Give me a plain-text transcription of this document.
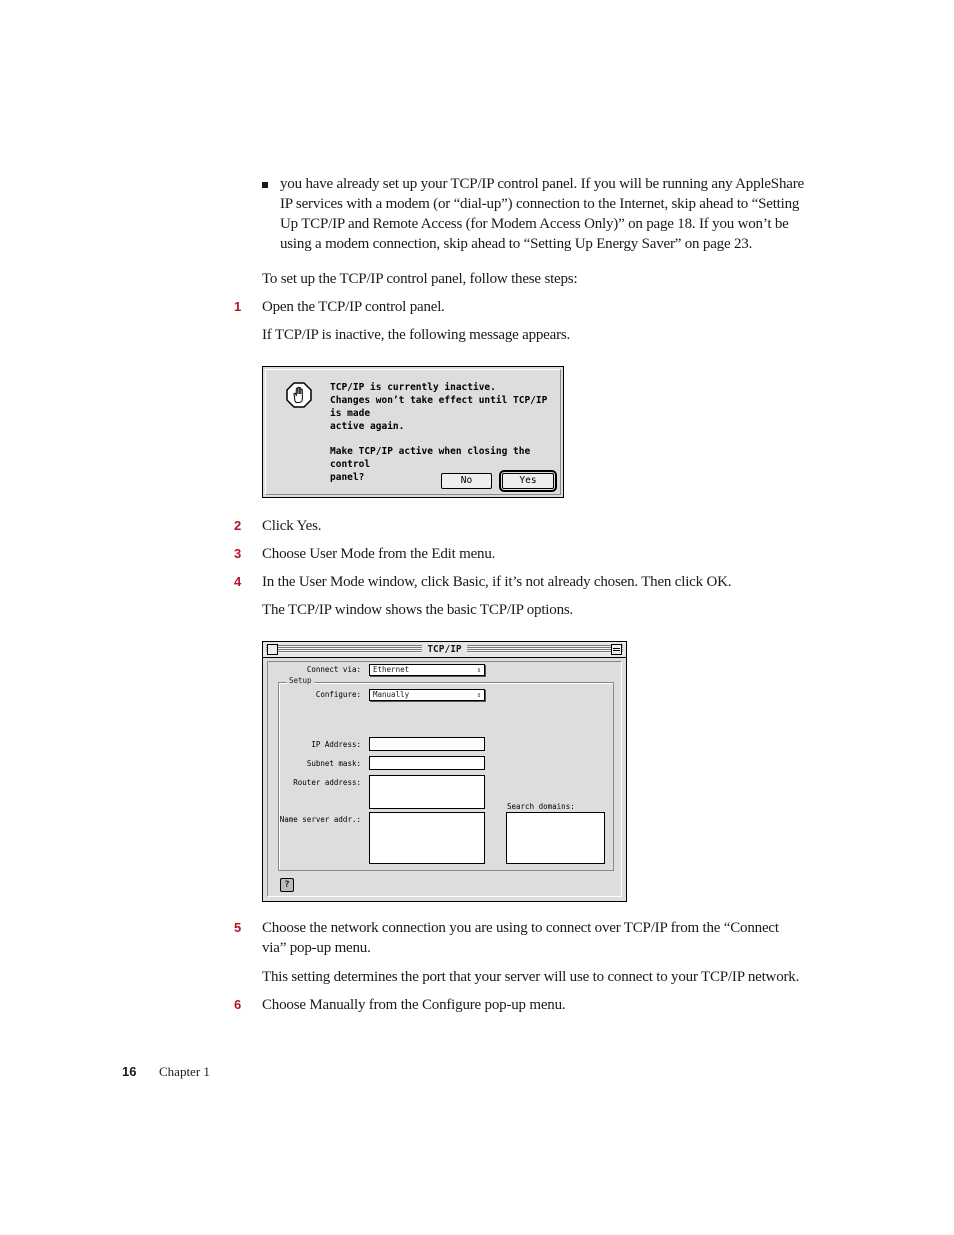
you have already set up your TCP/IP control panel. If you will be running any AppleShare
IP services with a modem (or “dial-up”) connection to the Internet, skip ahead to “Setting
Up TCP/IP and Remote Access (for Modem Access Only)” on page 18. If you won’t be
using a modem connection, skip ahead to “Setting Up Energy Saver” on page 23.
To set up the TCP/IP control panel, follow these steps:
1	Open the TCP/IP control panel.
If TCP/IP is inactive, the following message appears.

TCP/IP is currently inactive.
Changes won’t take effect until TCP/IP is made
active again.

Make TCP/IP active when closing the control
panel?	No	Yes
2	Click Yes.
3	Choose User Mode from the Edit menu.
4	In the User Mode window, click Basic, if it’s not already chosen. Then click OK.
The TCP/IP window shows the basic TCP/IP options.
TCP/IP
Connect via:	Ethernet	⇕
Setup
Configure:	Manually	⇕
IP Address:
Subnet mask:
Router address:
Name server addr.:
Search domains:
?
5	Choose the network connection you are using to connect over TCP/IP from the “Connect
via” pop-up menu.
This setting determines the port that your server will use to connect to your TCP/IP network.
6	Choose Manually from the Configure pop-up menu.
16 Chapter 1
